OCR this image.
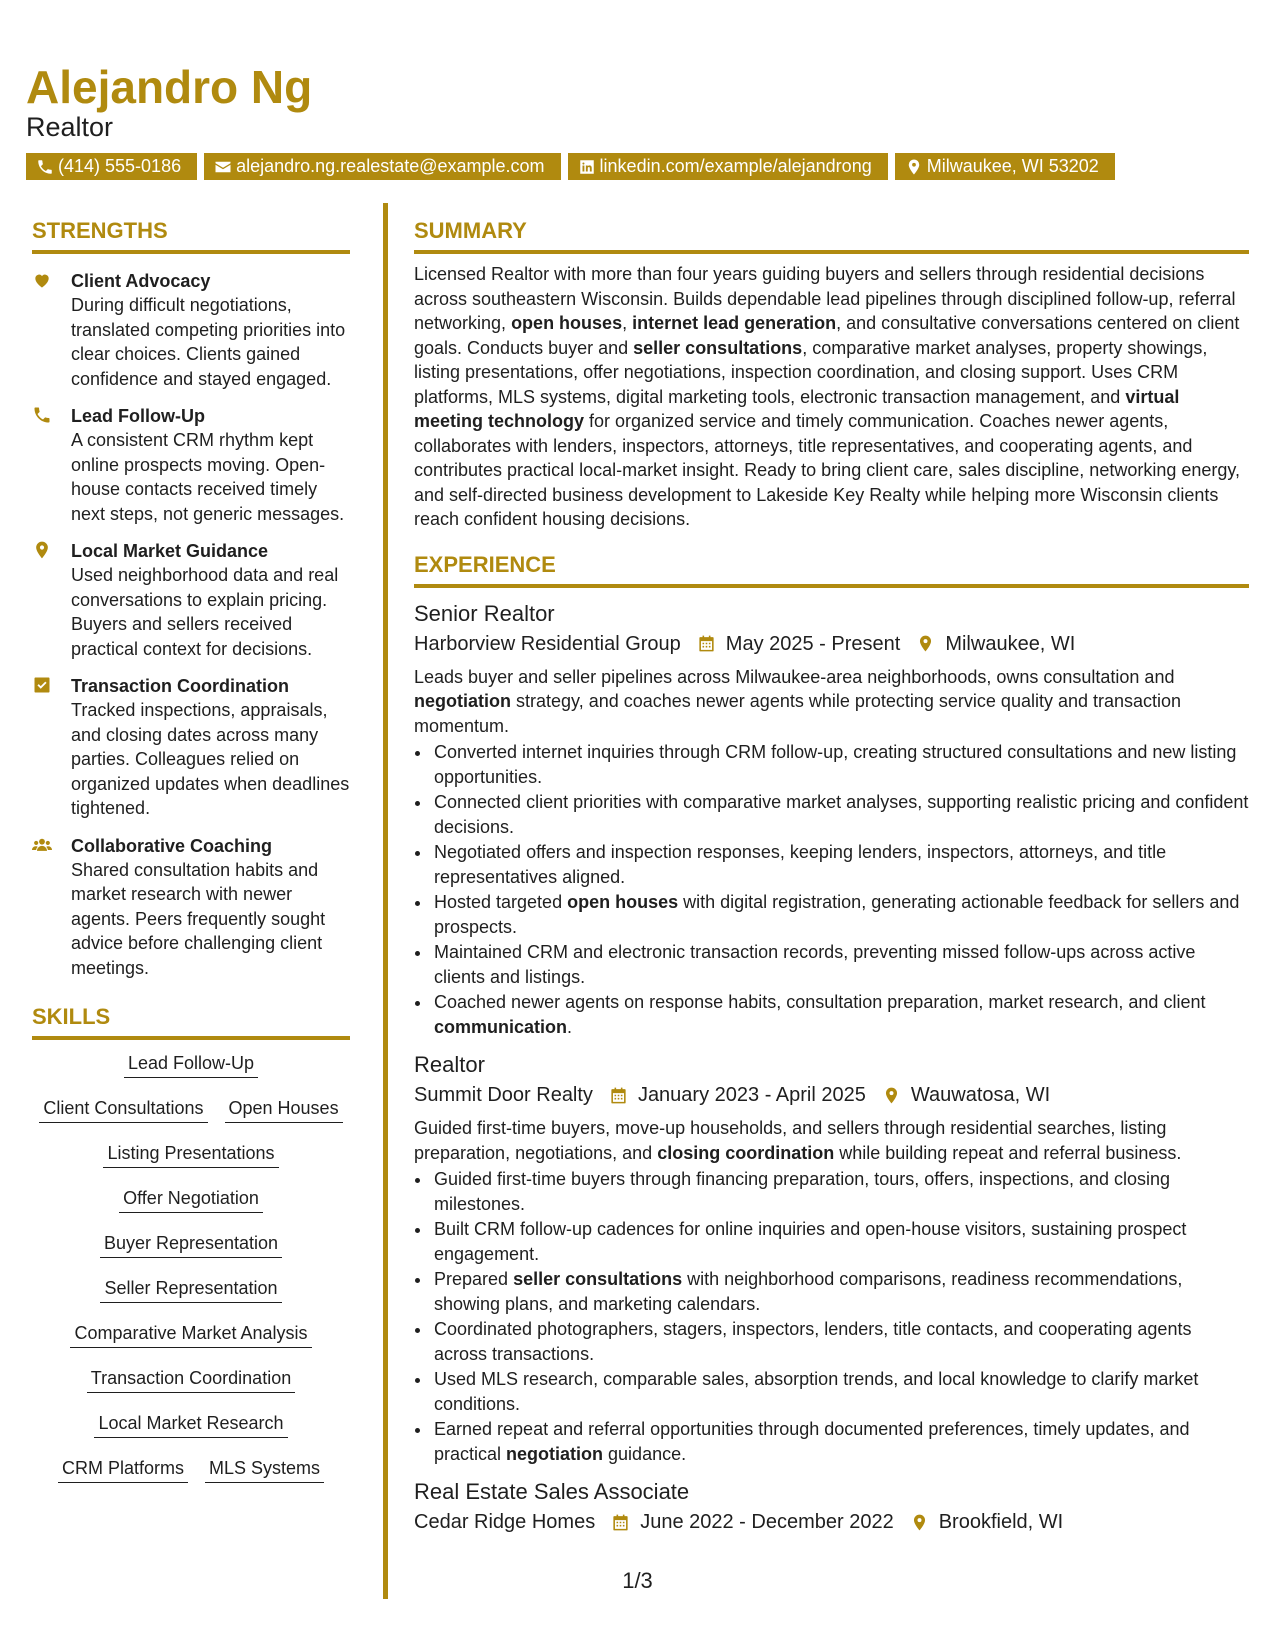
Alejandro Ng
Realtor
(414) 555-0186	alejandro.ng.realestate@example.com	linkedin.com/example/alejandrong	Milwaukee, WI 53202
STRENGTHS
Client Advocacy
During difficult negotiations, translated competing priorities into clear choices. Clients gained confidence and stayed engaged.
Lead Follow-Up
A consistent CRM rhythm kept online prospects moving. Open-house contacts received timely next steps, not generic messages.
Local Market Guidance
Used neighborhood data and real conversations to explain pricing. Buyers and sellers received practical context for decisions.
Transaction Coordination
Tracked inspections, appraisals, and closing dates across many parties. Colleagues relied on organized updates when deadlines tightened.
Collaborative Coaching
Shared consultation habits and market research with newer agents. Peers frequently sought advice before challenging client meetings.
SKILLS
Lead Follow-Up
Client Consultations Open Houses
Listing Presentations
Offer Negotiation
Buyer Representation
Seller Representation
Comparative Market Analysis
Transaction Coordination
Local Market Research
CRM Platforms MLS Systems
SUMMARY
Licensed Realtor with more than four years guiding buyers and sellers through residential decisions across southeastern Wisconsin. Builds dependable lead pipelines through disciplined follow-up, referral networking, open houses, internet lead generation, and consultative conversations centered on client goals. Conducts buyer and seller consultations, comparative market analyses, property showings, listing presentations, offer negotiations, inspection coordination, and closing support. Uses CRM platforms, MLS systems, digital marketing tools, electronic transaction management, and virtual meeting technology for organized service and timely communication. Coaches newer agents, collaborates with lenders, inspectors, attorneys, title representatives, and cooperating agents, and contributes practical local-market insight. Ready to bring client care, sales discipline, networking energy, and self-directed business development to Lakeside Key Realty while helping more Wisconsin clients reach confident housing decisions.
EXPERIENCE
Senior Realtor
Harborview Residential Group May 2025 - Present Milwaukee, WI
Leads buyer and seller pipelines across Milwaukee-area neighborhoods, owns consultation and negotiation strategy, and coaches newer agents while protecting service quality and transaction momentum.
• Converted internet inquiries through CRM follow-up, creating structured consultations and new listing opportunities.
• Connected client priorities with comparative market analyses, supporting realistic pricing and confident decisions.
• Negotiated offers and inspection responses, keeping lenders, inspectors, attorneys, and title representatives aligned.
• Hosted targeted open houses with digital registration, generating actionable feedback for sellers and prospects.
• Maintained CRM and electronic transaction records, preventing missed follow-ups across active clients and listings.
• Coached newer agents on response habits, consultation preparation, market research, and client communication.
Realtor
Summit Door Realty January 2023 - April 2025 Wauwatosa, WI
Guided first-time buyers, move-up households, and sellers through residential searches, listing preparation, negotiations, and closing coordination while building repeat and referral business.
• Guided first-time buyers through financing preparation, tours, offers, inspections, and closing milestones.
• Built CRM follow-up cadences for online inquiries and open-house visitors, sustaining prospect engagement.
• Prepared seller consultations with neighborhood comparisons, readiness recommendations, showing plans, and marketing calendars.
• Coordinated photographers, stagers, inspectors, lenders, title contacts, and cooperating agents across transactions.
• Used MLS research, comparable sales, absorption trends, and local knowledge to clarify market conditions.
• Earned repeat and referral opportunities through documented preferences, timely updates, and practical negotiation guidance.
Real Estate Sales Associate
Cedar Ridge Homes June 2022 - December 2022 Brookfield, WI
1/3
